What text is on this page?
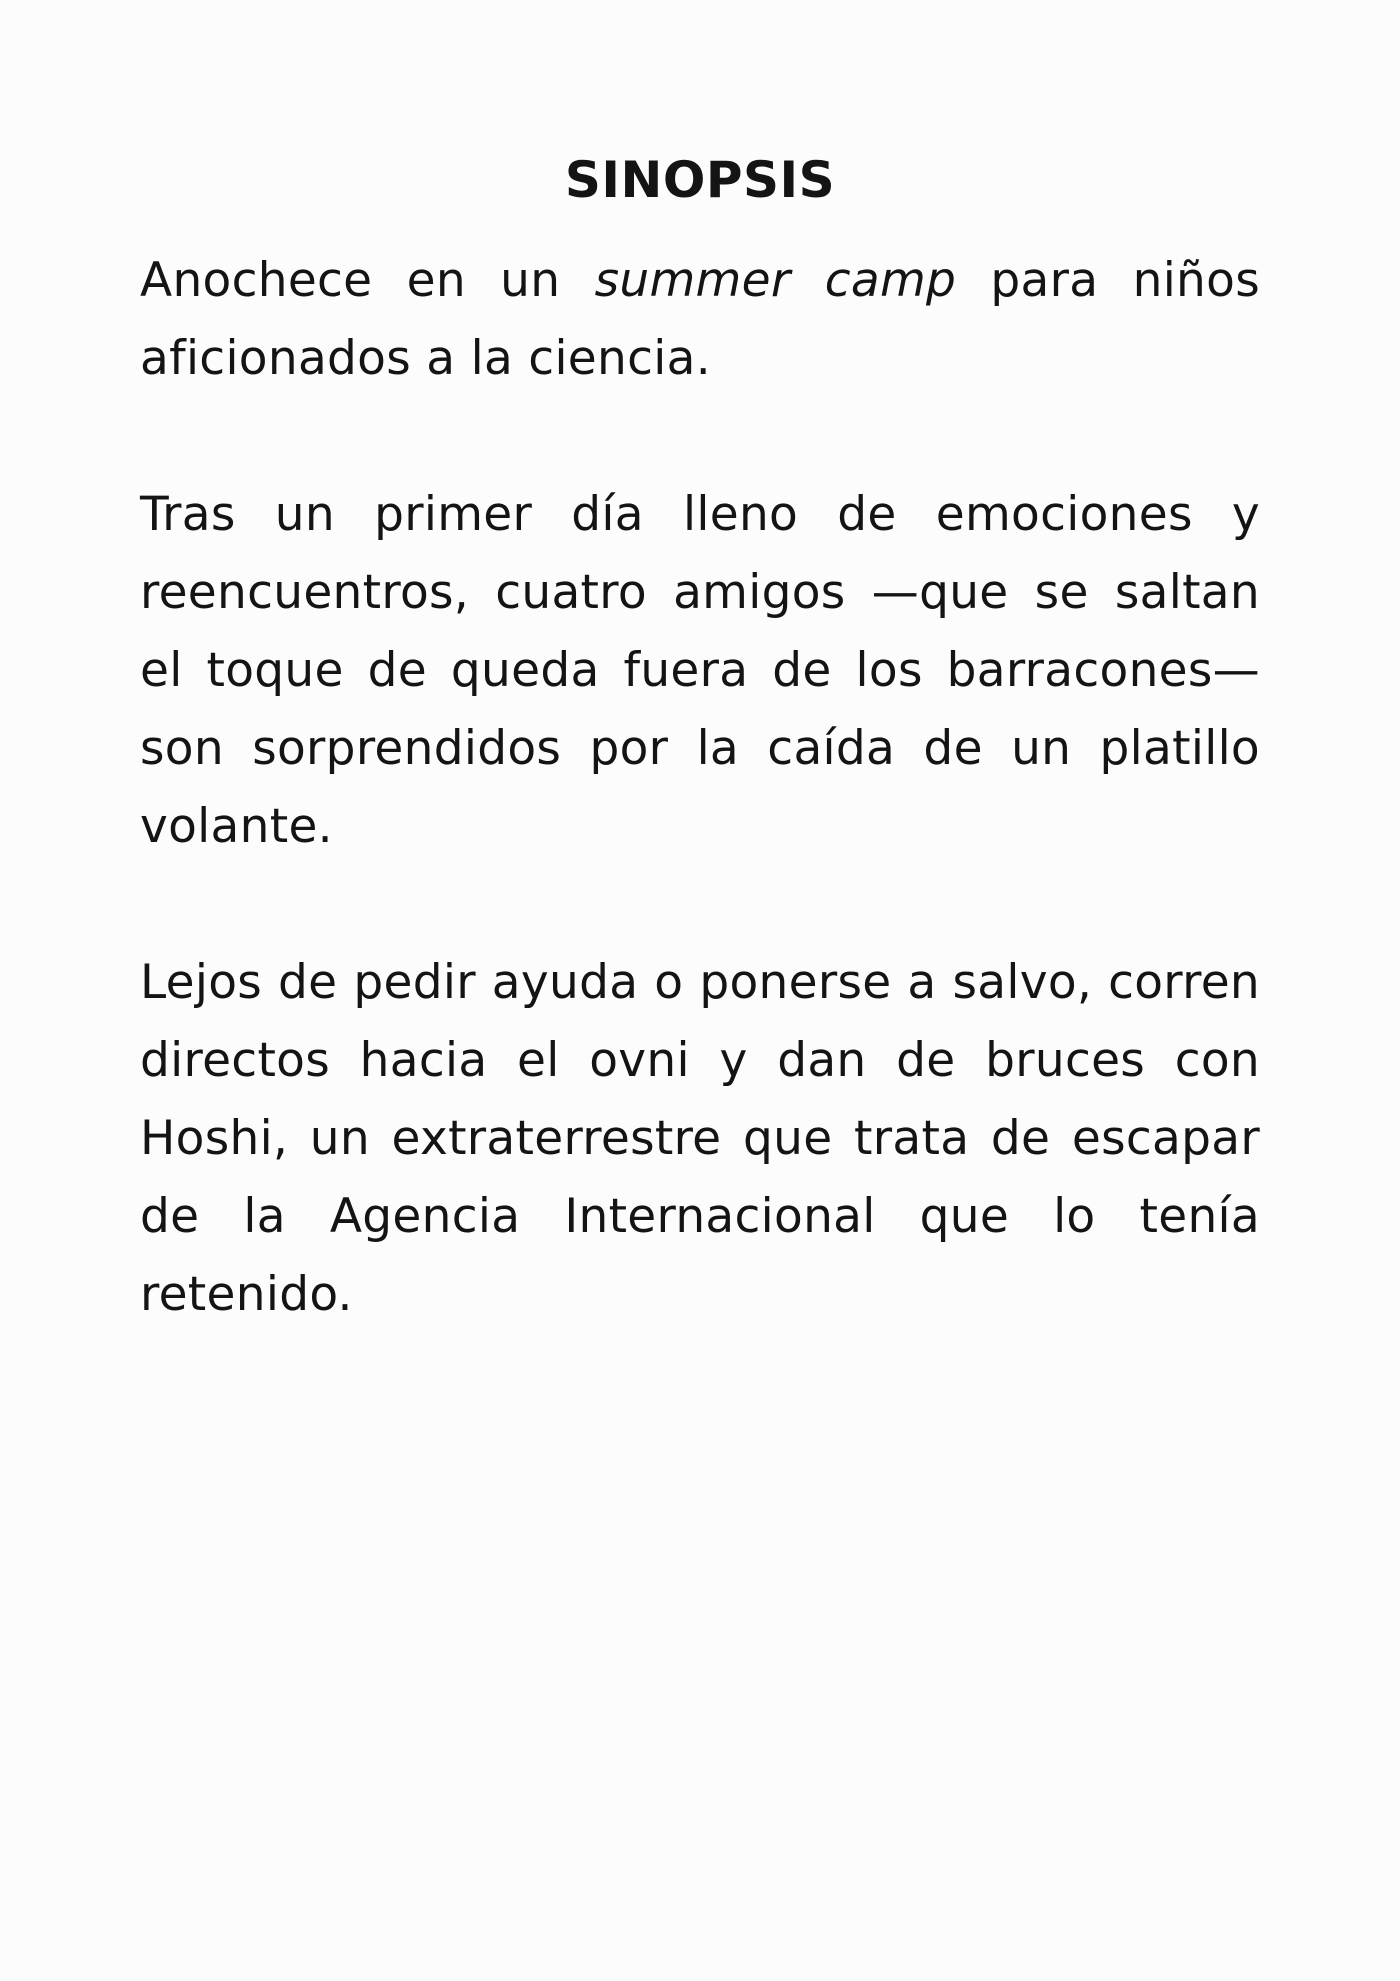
SINOPSIS

Anochece en un summer camp para niños aficionados a la ciencia.

Tras un primer día lleno de emociones y reencuentros, cuatro amigos —que se saltan el toque de queda fuera de los barracones— son sorprendidos por la caída de un platillo volante.

Lejos de pedir ayuda o ponerse a salvo, corren directos hacia el ovni y dan de bruces con Hoshi, un extraterrestre que trata de escapar de la Agencia Internacional que lo tenía retenido.
